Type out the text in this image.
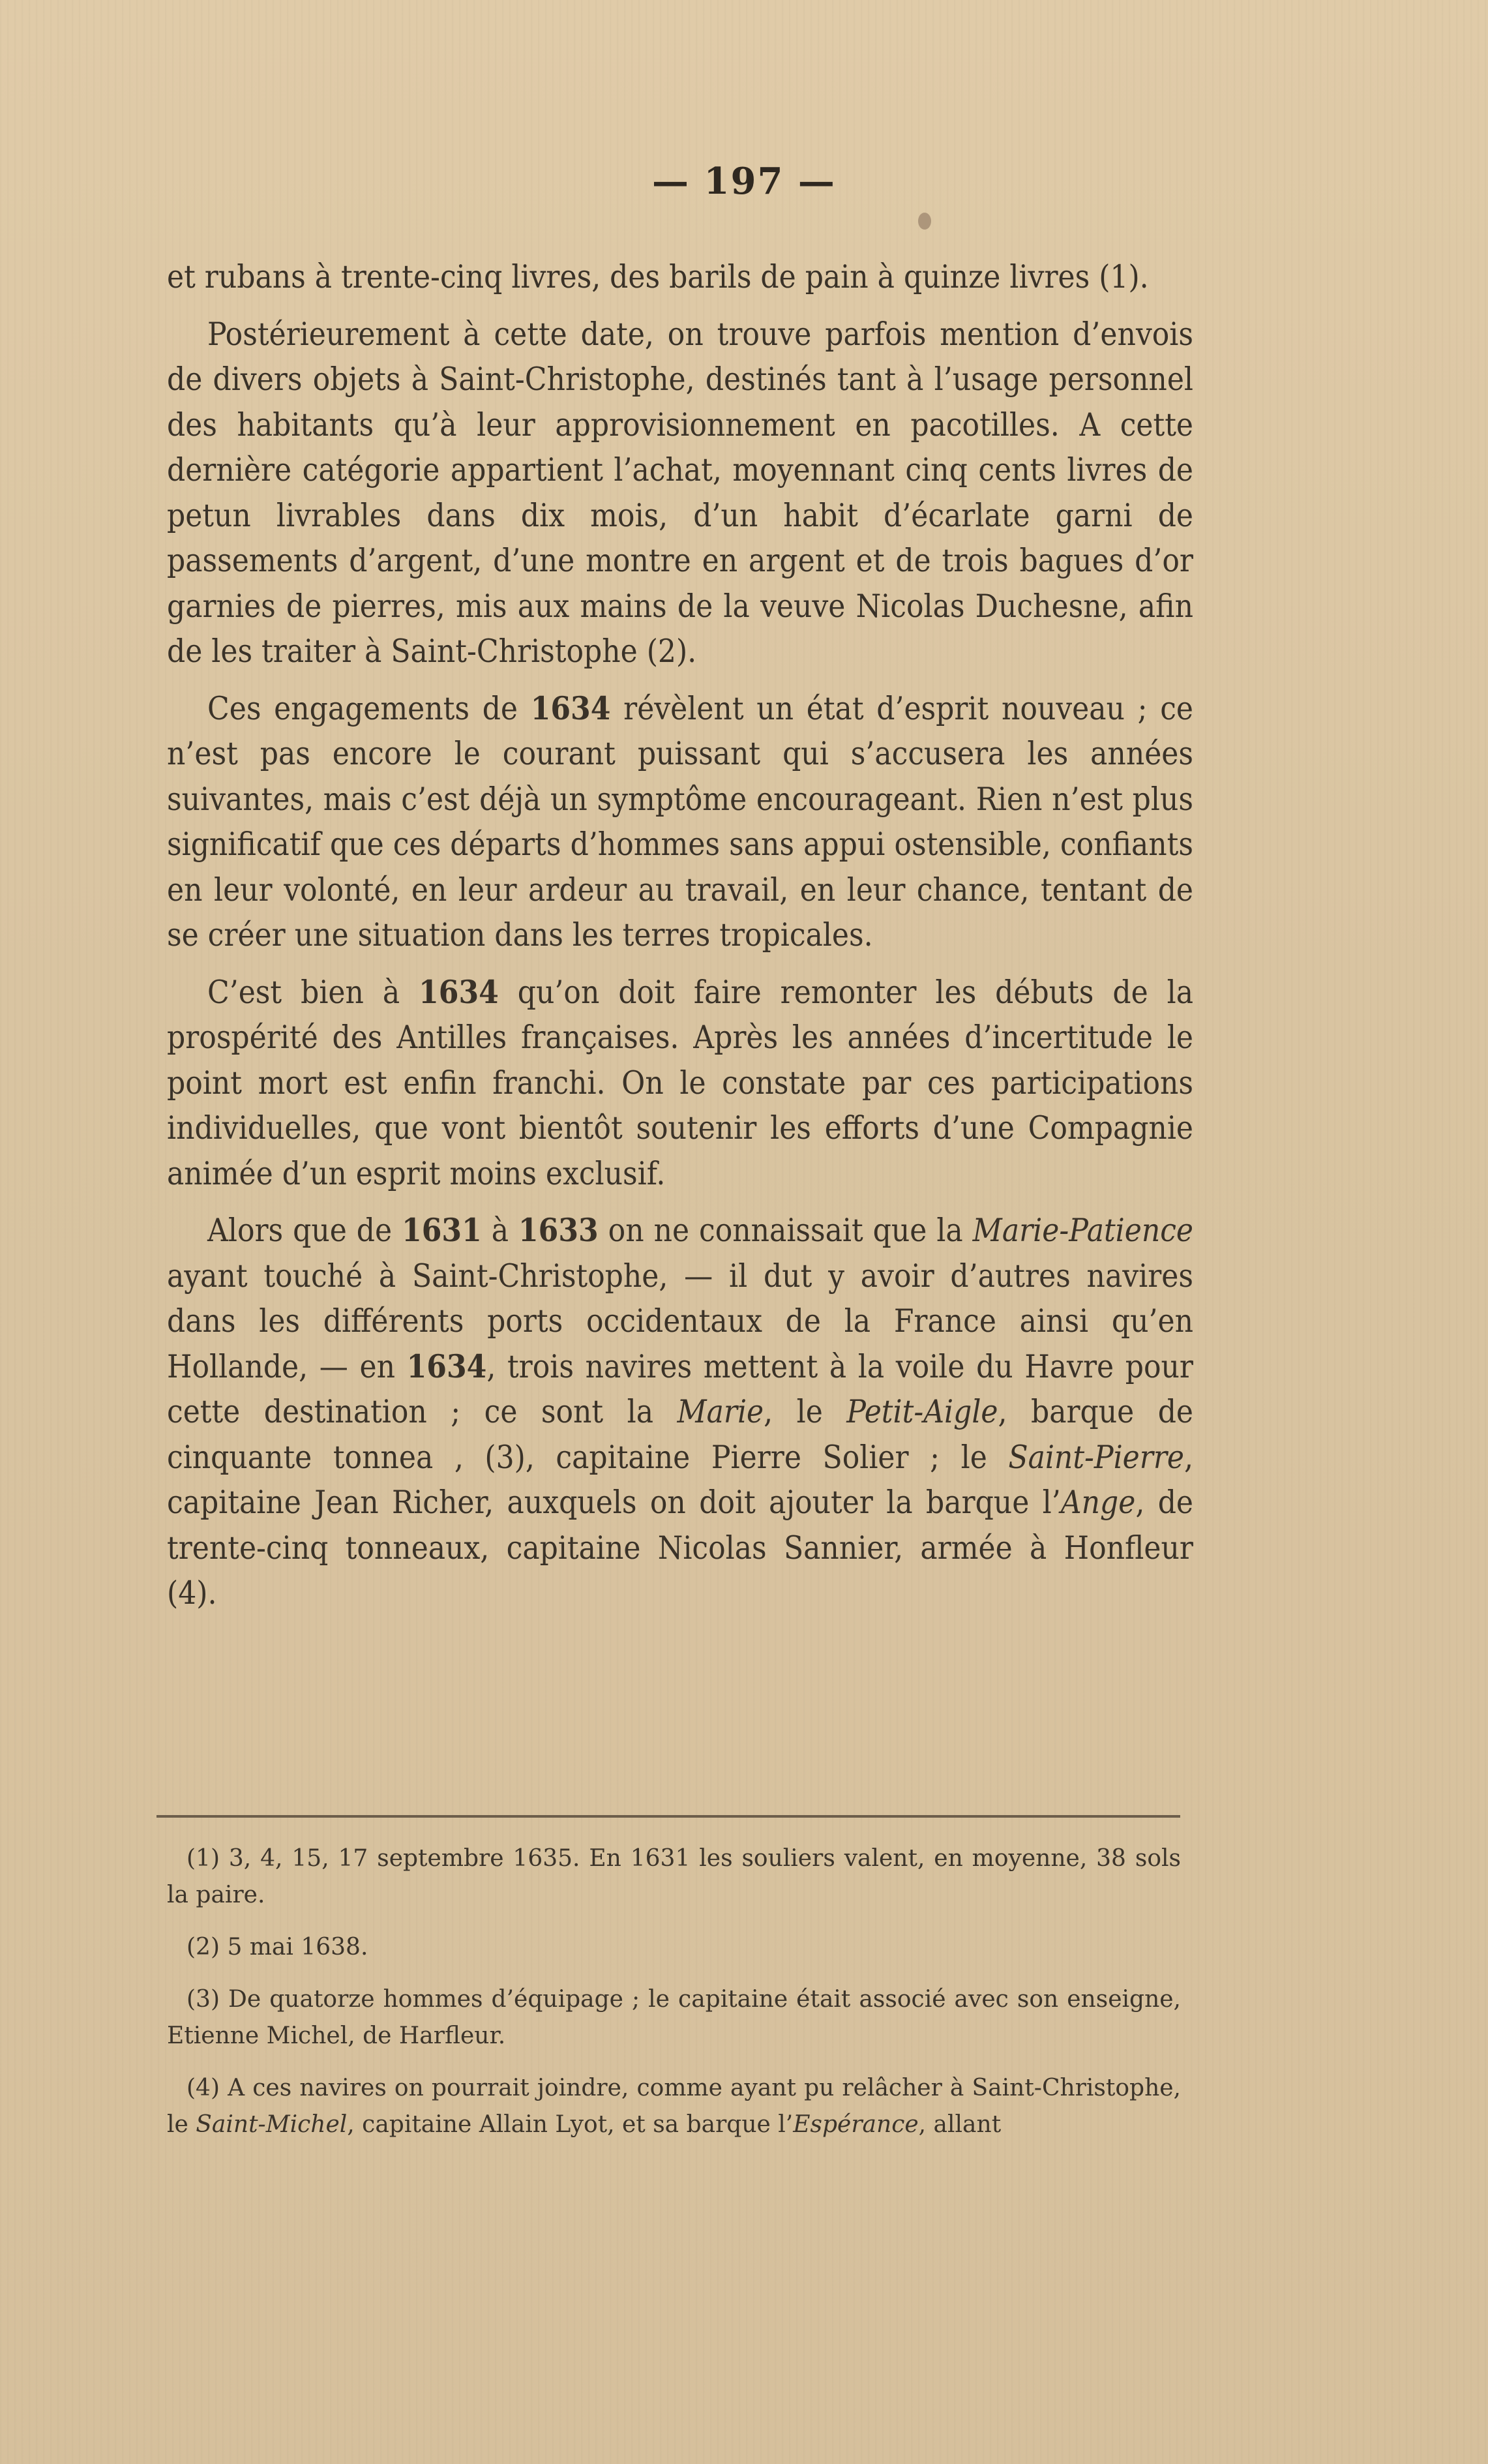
— 197 —

et rubans à trente-cinq livres, des barils de pain à quinze livres (1).

Postérieurement à cette date, on trouve parfois mention d’envois de divers objets à Saint-Christophe, destinés tant à l’usage personnel des habitants qu’à leur approvisionnement en pacotilles. A cette dernière catégorie appartient l’achat, moyennant cinq cents livres de petun livrables dans dix mois, d’un habit d’écarlate garni de passements d’argent, d’une montre en argent et de trois bagues d’or garnies de pierres, mis aux mains de la veuve Nicolas Duchesne, afin de les traiter à Saint-Christophe (2).

Ces engagements de 1634 révèlent un état d’esprit nouveau ; ce n’est pas encore le courant puissant qui s’accusera les années suivantes, mais c’est déjà un symptôme encourageant. Rien n’est plus significatif que ces départs d’hommes sans appui ostensible, confiants en leur volonté, en leur ardeur au travail, en leur chance, tentant de se créer une situation dans les terres tropicales.

C’est bien à 1634 qu’on doit faire remonter les débuts de la prospérité des Antilles françaises. Après les années d’incertitude le point mort est enfin franchi. On le constate par ces participations individuelles, que vont bientôt soutenir les efforts d’une Compagnie animée d’un esprit moins exclusif.

Alors que de 1631 à 1633 on ne connaissait que la Marie-Patience ayant touché à Saint-Christophe, — il dut y avoir d’autres navires dans les différents ports occidentaux de la France ainsi qu’en Hollande, — en 1634, trois navires mettent à la voile du Havre pour cette destination ; ce sont la Marie, le Petit-Aigle, barque de cinquante tonnea , (3), capitaine Pierre Solier ; le Saint-Pierre, capitaine Jean Richer, auxquels on doit ajouter la barque l’Ange, de trente-cinq tonneaux, capitaine Nicolas Sannier, armée à Honfleur (4).

(1) 3, 4, 15, 17 septembre 1635. En 1631 les souliers valent, en moyenne, 38 sols la paire.

(2) 5 mai 1638.

(3) De quatorze hommes d’équipage ; le capitaine était associé avec son enseigne, Etienne Michel, de Harfleur.

(4) A ces navires on pourrait joindre, comme ayant pu relâcher à Saint-Christophe, le Saint-Michel, capitaine Allain Lyot, et sa barque l’Espérance, allant
